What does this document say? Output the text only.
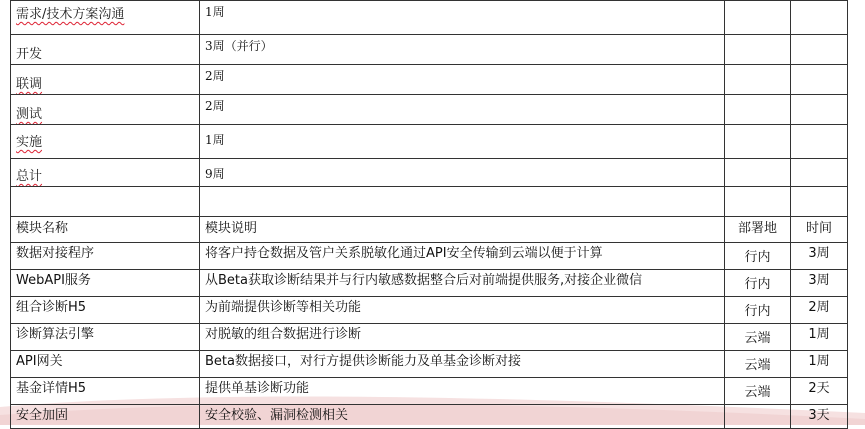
需求/技术方案沟通	1周		
开发	3周（并行）		
联调	2周		
测试	2周		
实施	1周		
总计	9周		

模块名称	模块说明	部署地	时间
数据对接程序	将客户持仓数据及管户关系脱敏化通过API安全传输到云端以便于计算	行内	3周
WebAPI服务	从Beta获取诊断结果并与行内敏感数据整合后对前端提供服务,对接企业微信	行内	3周
组合诊断H5	为前端提供诊断等相关功能	行内	2周
诊断算法引擎	对脱敏的组合数据进行诊断	云端	1周
API网关	Beta数据接口，对行方提供诊断能力及单基金诊断对接	云端	1周
基金详情H5	提供单基诊断功能	云端	2天
安全加固	安全校验、漏洞检测相关		3天
